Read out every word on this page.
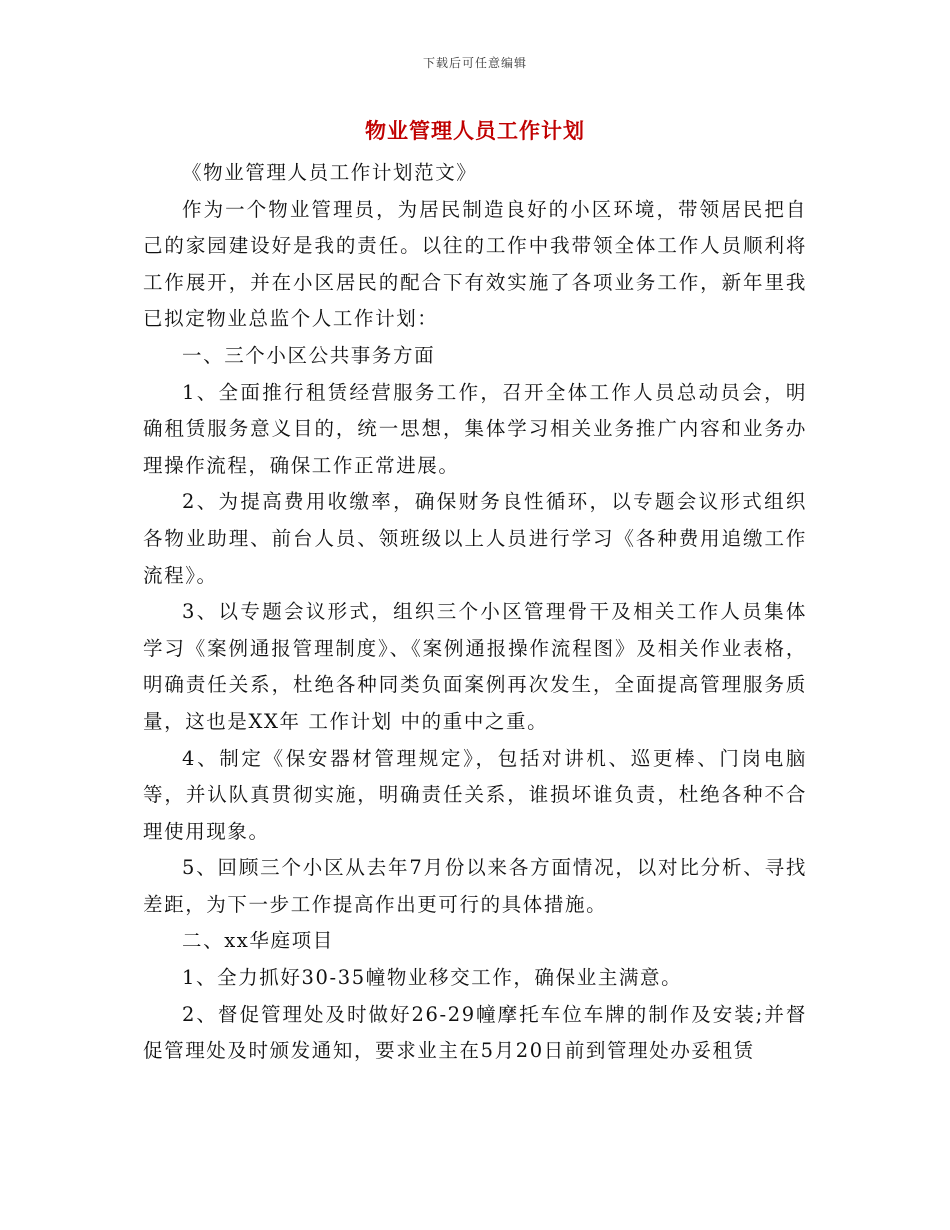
下载后可任意编辑
物业管理人员工作计划

《物业管理人员工作计划范文》

作为一个物业管理员，为居民制造良好的小区环境，带领居民把自己的家园建设好是我的责任。以往的工作中我带领全体工作人员顺利将工作展开，并在小区居民的配合下有效实施了各项业务工作，新年里我已拟定物业总监个人工作计划：

一、三个小区公共事务方面

1、全面推行租赁经营服务工作，召开全体工作人员总动员会，明确租赁服务意义目的，统一思想，集体学习相关业务推广内容和业务办理操作流程，确保工作正常进展。

2、为提高费用收缴率，确保财务良性循环，以专题会议形式组织各物业助理、前台人员、领班级以上人员进行学习《各种费用追缴工作流程》。

3、以专题会议形式，组织三个小区管理骨干及相关工作人员集体学习《案例通报管理制度》、《案例通报操作流程图》及相关作业表格，明确责任关系，杜绝各种同类负面案例再次发生，全面提高管理服务质量，这也是XX年 工作计划 中的重中之重。

4、制定《保安器材管理规定》，包括对讲机、巡更棒、门岗电脑等，并认队真贯彻实施，明确责任关系，谁损坏谁负责，杜绝各种不合理使用现象。

5、回顾三个小区从去年7月份以来各方面情况，以对比分析、寻找差距，为下一步工作提高作出更可行的具体措施。

二、xx华庭项目

1、全力抓好30-35幢物业移交工作，确保业主满意。

2、督促管理处及时做好26-29幢摩托车位车牌的制作及安装;并督促管理处及时颁发通知，要求业主在5月20日前到管理处办妥租赁
